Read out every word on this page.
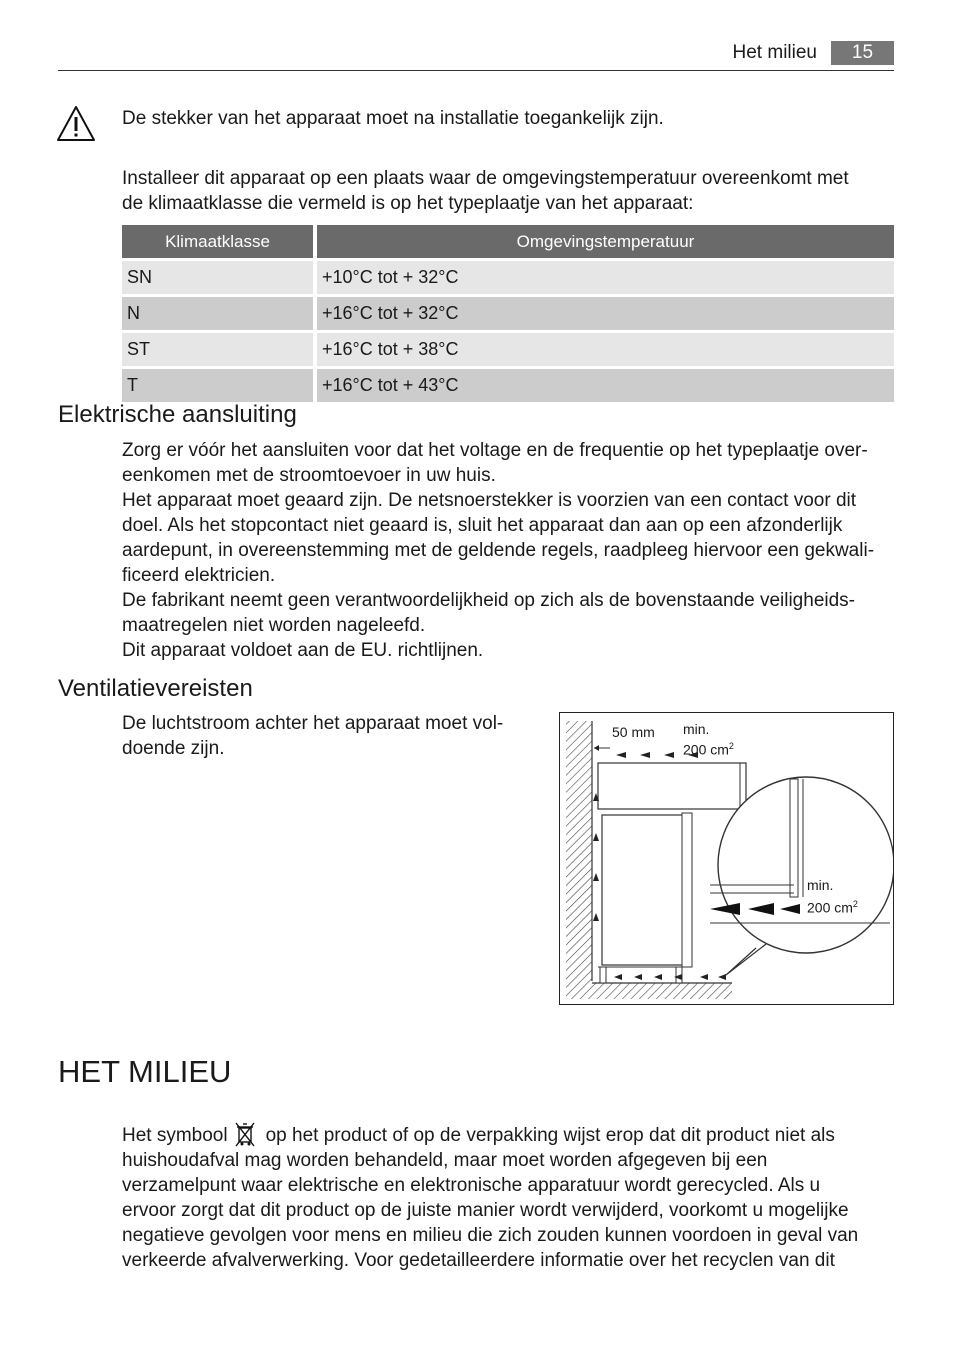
Het milieu	15
De stekker van het apparaat moet na installatie toegankelijk zijn.
Installeer dit apparaat op een plaats waar de omgevingstemperatuur overeenkomt met
de klimaatklasse die vermeld is op het typeplaatje van het apparaat:
Klimaatklasse		Omgevingstemperatuur
SN		+10°C tot + 32°C
N		+16°C tot + 32°C
ST		+16°C tot + 38°C
T		+16°C tot + 43°C
Elektrische aansluiting
Zorg er vóór het aansluiten voor dat het voltage en de frequentie op het typeplaatje over-
eenkomen met de stroomtoevoer in uw huis.
Het apparaat moet geaard zijn. De netsnoerstekker is voorzien van een contact voor dit
doel. Als het stopcontact niet geaard is, sluit het apparaat dan aan op een afzonderlijk
aardepunt, in overeenstemming met de geldende regels, raadpleeg hiervoor een gekwali-
ficeerd elektricien.
De fabrikant neemt geen verantwoordelijkheid op zich als de bovenstaande veiligheids-
maatregelen niet worden nageleefd.
Dit apparaat voldoet aan de EU. richtlijnen.
Ventilatievereisten
De luchtstroom achter het apparaat moet vol-
doende zijn.
50 mm min.
200 $cm^2$
min.
200 $cm^2$
HET MILIEU
Het symbool op het product of op de verpakking wijst erop dat dit product niet als
huishoudafval mag worden behandeld, maar moet worden afgegeven bij een
verzamelpunt waar elektrische en elektronische apparatuur wordt gerecycled. Als u
ervoor zorgt dat dit product op de juiste manier wordt verwijderd, voorkomt u mogelijke
negatieve gevolgen voor mens en milieu die zich zouden kunnen voordoen in geval van
verkeerde afvalverwerking. Voor gedetailleerdere informatie over het recyclen van dit
